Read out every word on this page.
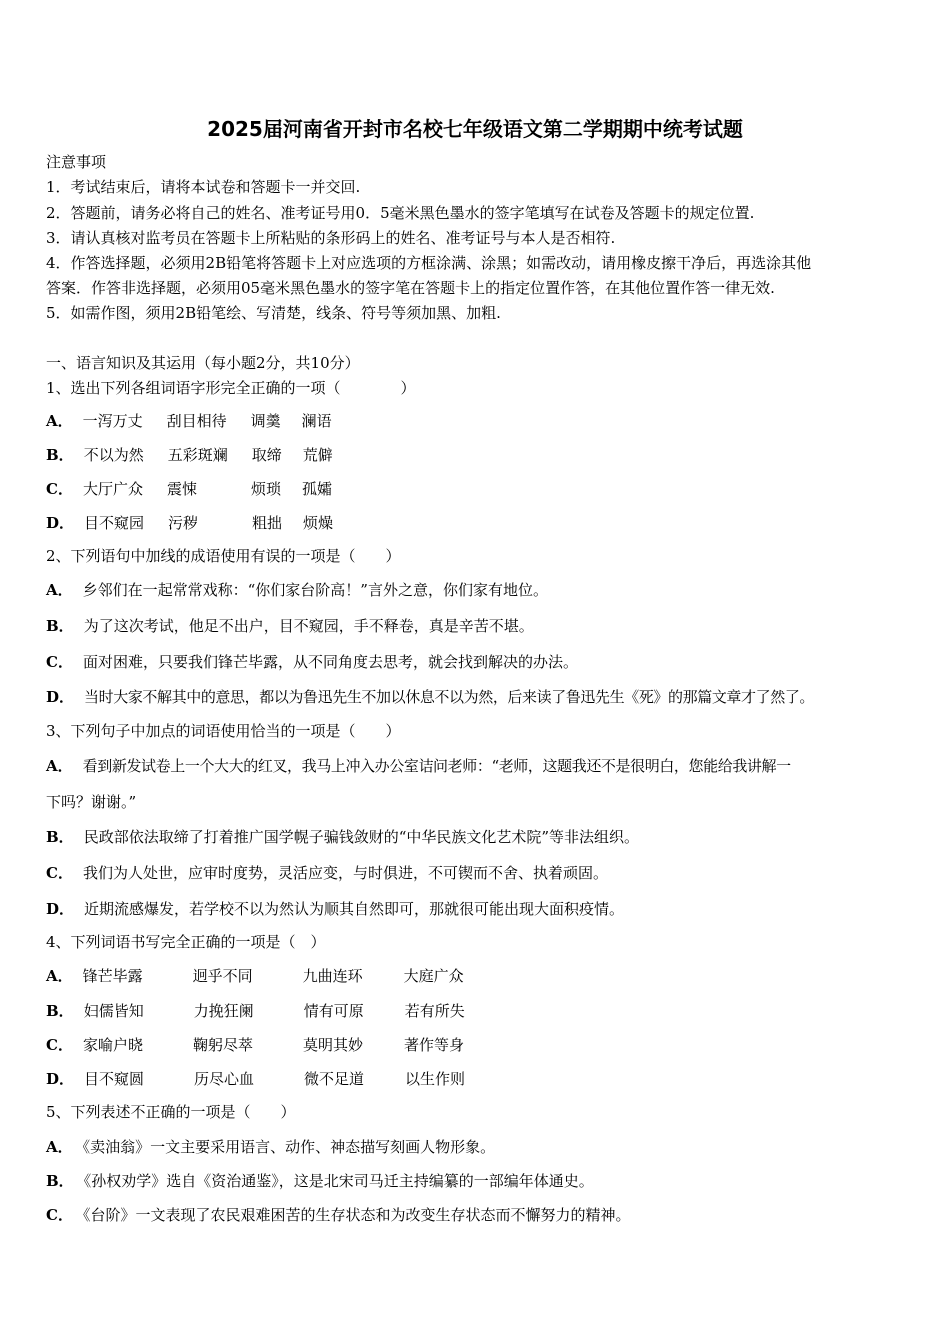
2025届河南省开封市名校七年级语文第二学期期中统考试题
注意事项
1．考试结束后，请将本试卷和答题卡一并交回.
2．答题前，请务必将自己的姓名、准考证号用0．5毫米黑色墨水的签字笔填写在试卷及答题卡的规定位置.
3．请认真核对监考员在答题卡上所粘贴的条形码上的姓名、准考证号与本人是否相符.
4．作答选择题，必须用2B铅笔将答题卡上对应选项的方框涂满、涂黑；如需改动，请用橡皮擦干净后，再选涂其他
答案．作答非选择题，必须用05毫米黑色墨水的签字笔在答题卡上的指定位置作答，在其他位置作答一律无效.
5．如需作图，须用2B铅笔绘、写清楚，线条、符号等须加黑、加粗.
一、语言知识及其运用（每小题2分，共10分）
1、选出下列各组词语字形完全正确的一项（　　　　）
A． 一泻万丈 刮目相待 调羹 澜语
B． 不以为然 五彩斑斓 取缔 荒僻
C． 大厅广众 震悚	烦琐 孤孀
D． 目不窥园 污秽	粗拙 烦燥
2、下列语句中加线的成语使用有误的一项是（　　）
A． 乡邻们在一起常常戏称：“你们家台阶高！”言外之意，你们家有地位。
B． 为了这次考试，他足不出户，目不窥园，手不释卷，真是辛苦不堪。
C． 面对困难，只要我们锋芒毕露，从不同角度去思考，就会找到解决的办法。
D． 当时大家不解其中的意思，都以为鲁迅先生不加以休息不以为然，后来读了鲁迅先生《死》的那篇文章才了然了。
3、下列句子中加点的词语使用恰当的一项是（　　）
A． 看到新发试卷上一个大大的红叉，我马上冲入办公室诘问老师：“老师，这题我还不是很明白，您能给我讲解一
下吗？谢谢。”
B． 民政部依法取缔了打着推广国学幌子骗钱敛财的“中华民族文化艺术院”等非法组织。
C． 我们为人处世，应审时度势，灵活应变，与时俱进，不可锲而不舍、执着顽固。
D． 近期流感爆发，若学校不以为然认为顺其自然即可，那就很可能出现大面积疫情。
4、下列词语书写完全正确的一项是（　）
A． 锋芒毕露	迥乎不同	九曲连环	大庭广众
B． 妇儒皆知	力挽狂阑	情有可原	若有所失
C． 家喻户晓	鞠躬尽萃	莫明其妙	著作等身
D． 目不窥圆	历尽心血	微不足道	以生作则
5、下列表述不正确的一项是（　　）
A． 《卖油翁》一文主要采用语言、动作、神态描写刻画人物形象。
B． 《孙权劝学》选自《资治通鉴》，这是北宋司马迁主持编纂的一部编年体通史。
C． 《台阶》一文表现了农民艰难困苦的生存状态和为改变生存状态而不懈努力的精神。
